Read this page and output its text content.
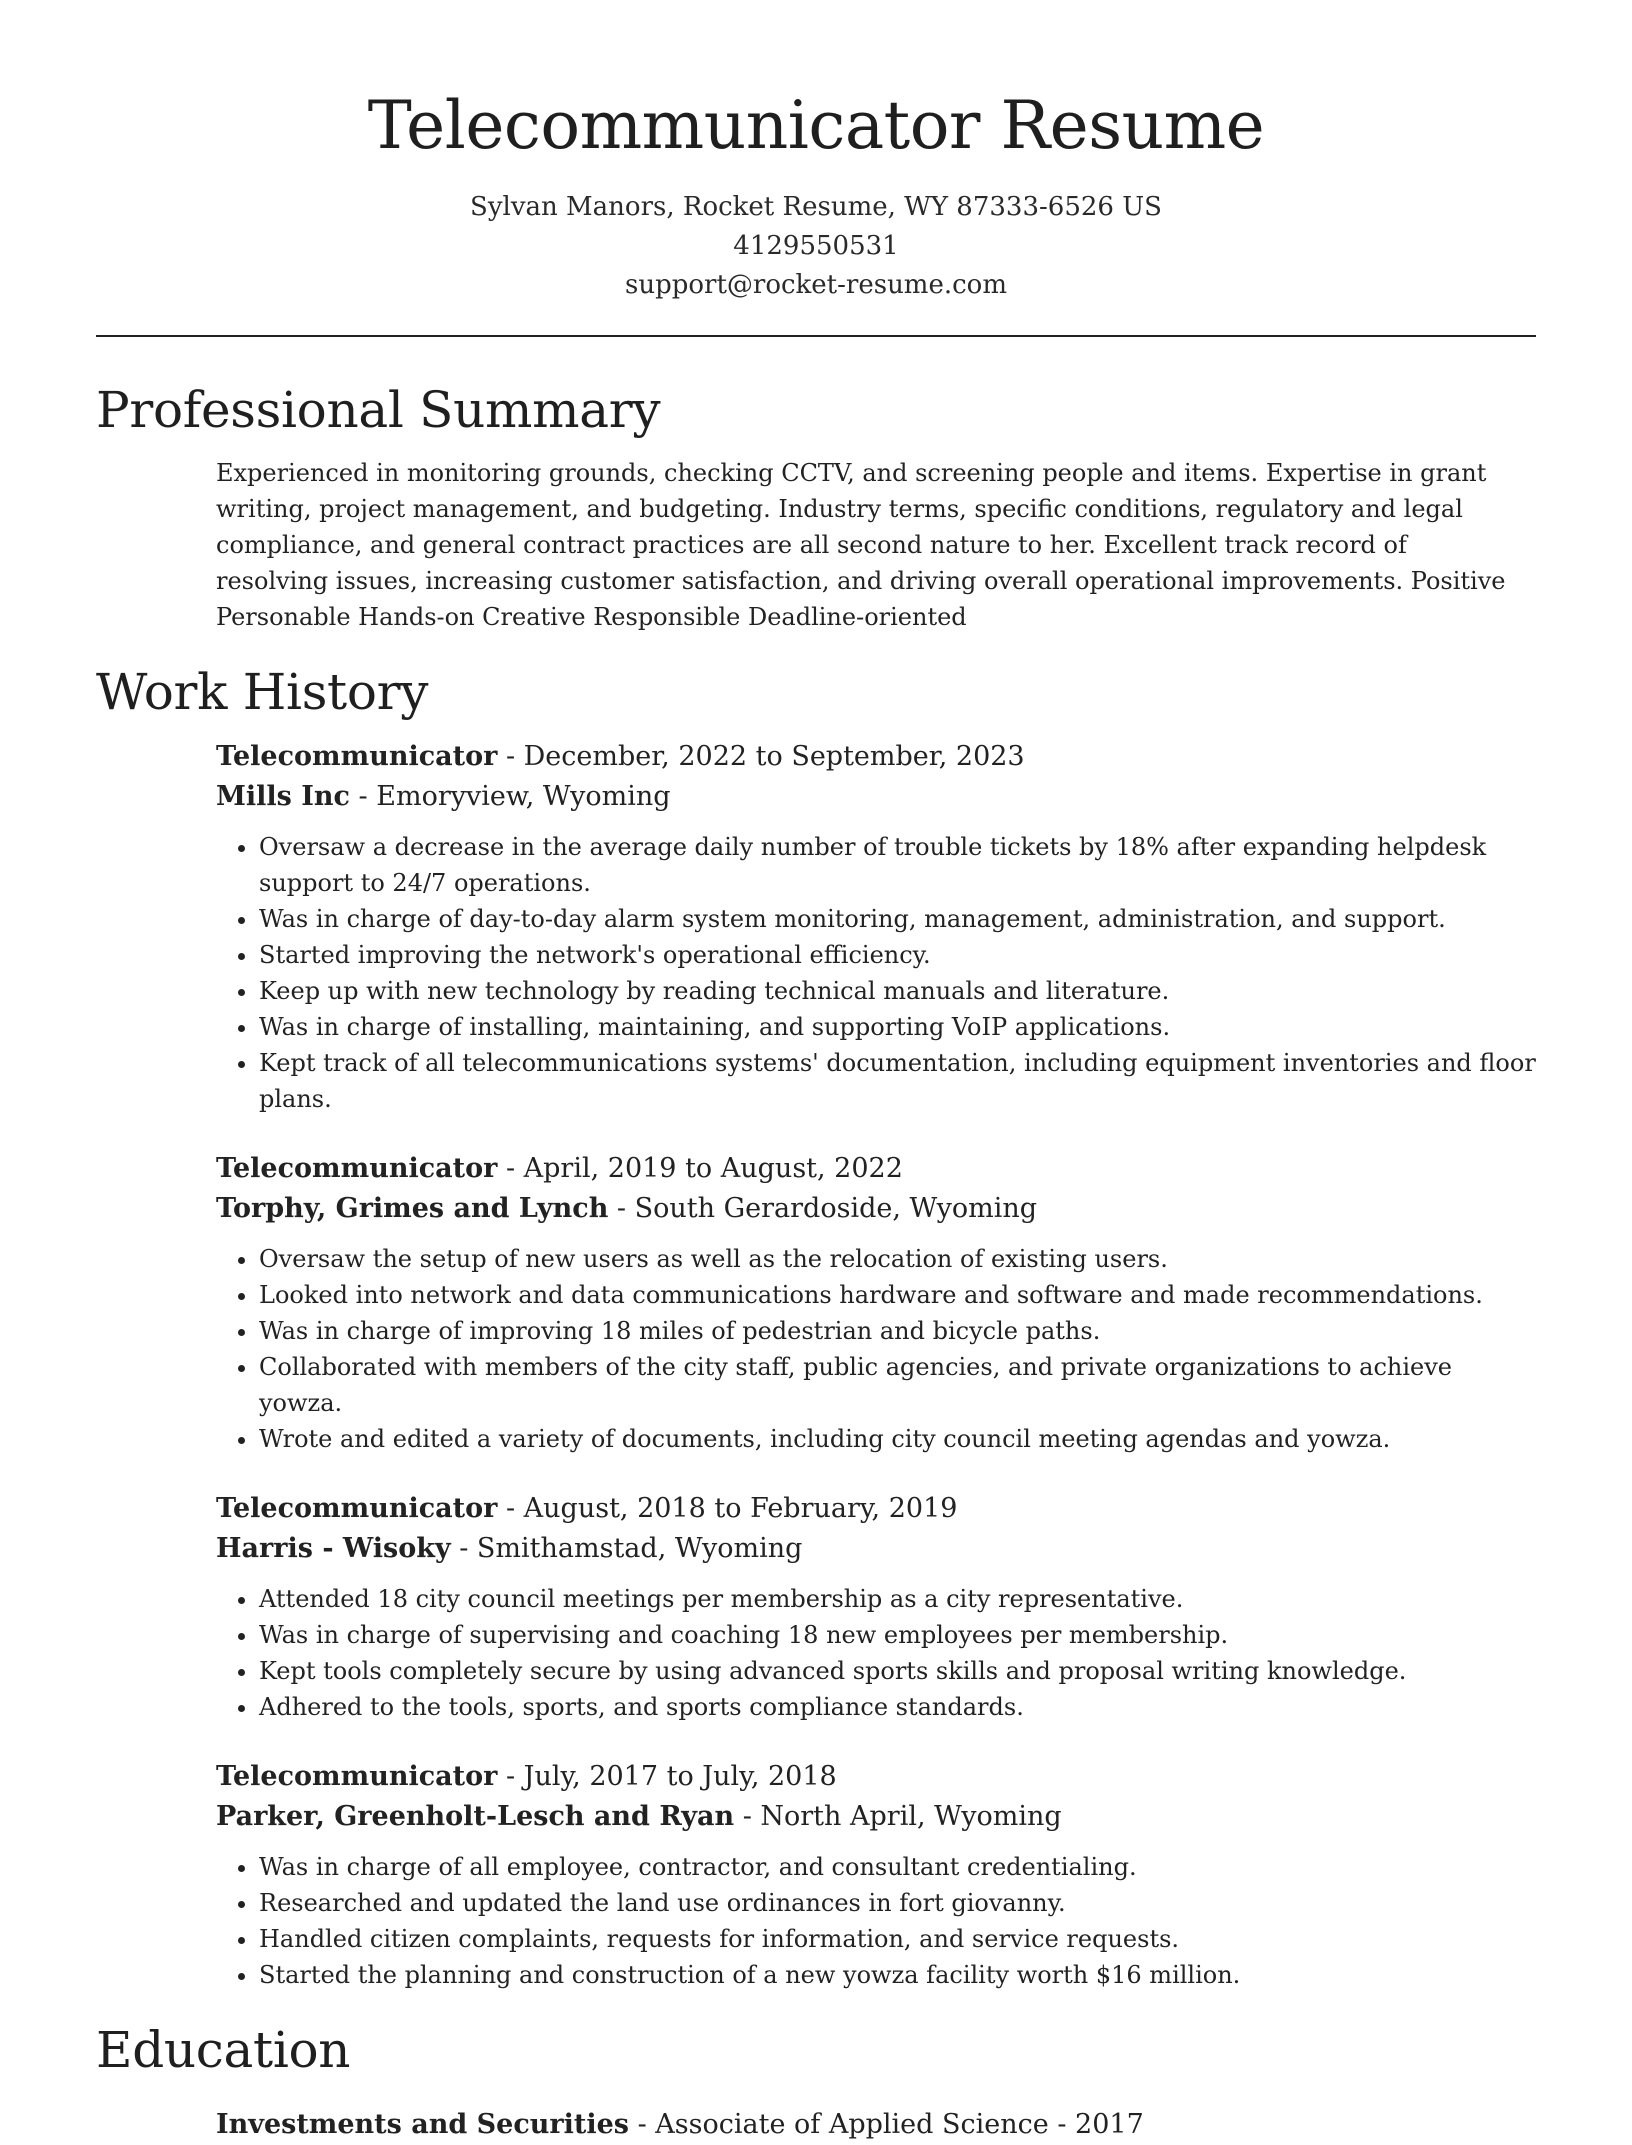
Telecommunicator Resume
Sylvan Manors, Rocket Resume, WY 87333-6526 US
4129550531
support@rocket-resume.com
Professional Summary
Experienced in monitoring grounds, checking CCTV, and screening people and items. Expertise in grant writing, project management, and budgeting. Industry terms, specific conditions, regulatory and legal compliance, and general contract practices are all second nature to her. Excellent track record of resolving issues, increasing customer satisfaction, and driving overall operational improvements. Positive Personable Hands-on Creative Responsible Deadline-oriented
Work History
Telecommunicator - December, 2022 to September, 2023
Mills Inc - Emoryview, Wyoming
• Oversaw a decrease in the average daily number of trouble tickets by 18% after expanding helpdesk support to 24/7 operations.
• Was in charge of day-to-day alarm system monitoring, management, administration, and support.
• Started improving the network's operational efficiency.
• Keep up with new technology by reading technical manuals and literature.
• Was in charge of installing, maintaining, and supporting VoIP applications.
• Kept track of all telecommunications systems' documentation, including equipment inventories and floor plans.
Telecommunicator - April, 2019 to August, 2022
Torphy, Grimes and Lynch - South Gerardoside, Wyoming
• Oversaw the setup of new users as well as the relocation of existing users.
• Looked into network and data communications hardware and software and made recommendations.
• Was in charge of improving 18 miles of pedestrian and bicycle paths.
• Collaborated with members of the city staff, public agencies, and private organizations to achieve yowza.
• Wrote and edited a variety of documents, including city council meeting agendas and yowza.
Telecommunicator - August, 2018 to February, 2019
Harris - Wisoky - Smithamstad, Wyoming
• Attended 18 city council meetings per membership as a city representative.
• Was in charge of supervising and coaching 18 new employees per membership.
• Kept tools completely secure by using advanced sports skills and proposal writing knowledge.
• Adhered to the tools, sports, and sports compliance standards.
Telecommunicator - July, 2017 to July, 2018
Parker, Greenholt-Lesch and Ryan - North April, Wyoming
• Was in charge of all employee, contractor, and consultant credentialing.
• Researched and updated the land use ordinances in fort giovanny.
• Handled citizen complaints, requests for information, and service requests.
• Started the planning and construction of a new yowza facility worth $16 million.
Education
Investments and Securities - Associate of Applied Science - 2017
